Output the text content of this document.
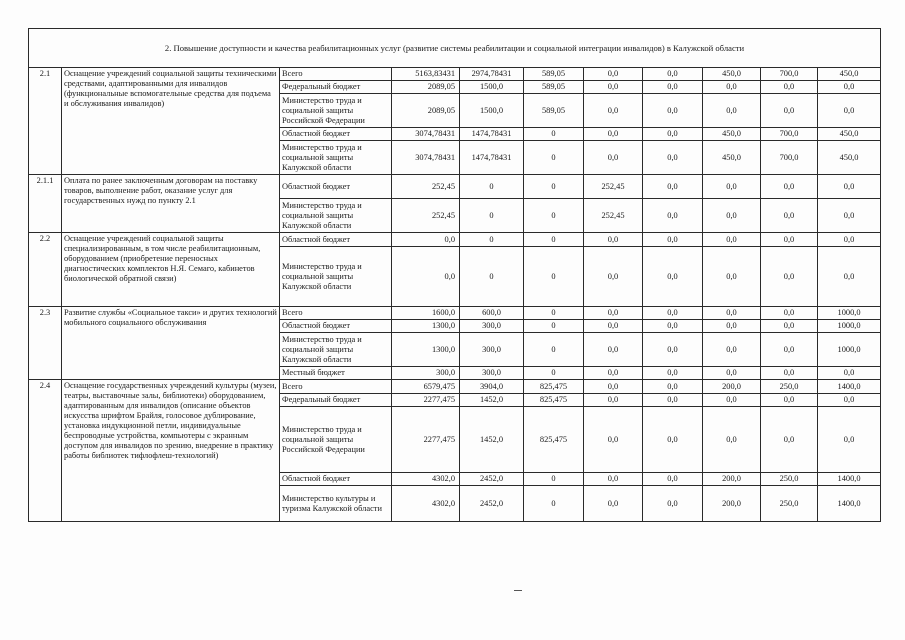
2. Повышение доступности и качества реабилитационных услуг (развитие системы реабилитации и социальной интеграции инвалидов) в Калужской области										
2.1	Оснащение учреждений социальной защиты техническими средствами, адаптированными для инвалидов (функциональные вспомогательные средства для подъема и обслуживания инвалидов)	Всего	5163,83431	2974,78431	589,05	0,0	0,0	450,0	700,0	450,0
		Федеральный бюджет	2089,05	1500,0	589,05	0,0	0,0	0,0	0,0	0,0
		Министерство труда и социальной защиты Российской Федерации	2089,05	1500,0	589,05	0,0	0,0	0,0	0,0	0,0
		Областной бюджет	3074,78431	1474,78431	0	0,0	0,0	450,0	700,0	450,0
		Министерство труда и социальной защиты Калужской области	3074,78431	1474,78431	0	0,0	0,0	450,0	700,0	450,0
2.1.1	Оплата по ранее заключенным договорам на поставку товаров, выполнение работ, оказание услуг для государственных нужд по пункту 2.1	Областной бюджет	252,45	0	0	252,45	0,0	0,0	0,0	0,0
		Министерство труда и социальной защиты Калужской области	252,45	0	0	252,45	0,0	0,0	0,0	0,0
2.2	Оснащение учреждений социальной защиты специализированным, в том числе реабилитационным, оборудованием (приобретение переносных диагностических комплектов Н.Я. Семаго, кабинетов биологической обратной связи)	Областной бюджет	0,0	0	0	0,0	0,0	0,0	0,0	0,0
		Министерство труда и социальной защиты Калужской области	0,0	0	0	0,0	0,0	0,0	0,0	0,0
2.3	Развитие службы «Социальное такси» и других технологий мобильного социального обслуживания	Всего	1600,0	600,0	0	0,0	0,0	0,0	0,0	1000,0
		Областной бюджет	1300,0	300,0	0	0,0	0,0	0,0	0,0	1000,0
		Министерство труда и социальной защиты Калужской области	1300,0	300,0	0	0,0	0,0	0,0	0,0	1000,0
		Местный бюджет	300,0	300,0	0	0,0	0,0	0,0	0,0	0,0
2.4	Оснащение государственных учреждений культуры (музеи, театры, выставочные залы, библиотеки) оборудованием, адаптированным для инвалидов (описание объектов искусства шрифтом Брайля, голосовое дублирование, установка индукционной петли, индивидуальные беспроводные устройства, компьютеры с экранным доступом для инвалидов по зрению, внедрение в практику работы библиотек тифлофлеш-технологий)	Всего	6579,475	3904,0	825,475	0,0	0,0	200,0	250,0	1400,0
		Федеральный бюджет	2277,475	1452,0	825,475	0,0	0,0	0,0	0,0	0,0
		Министерство труда и социальной защиты Российской Федерации	2277,475	1452,0	825,475	0,0	0,0	0,0	0,0	0,0
		Областной бюджет	4302,0	2452,0	0	0,0	0,0	200,0	250,0	1400,0
		Министерство культуры и туризма Калужской области	4302,0	2452,0	0	0,0	0,0	200,0	250,0	1400,0
